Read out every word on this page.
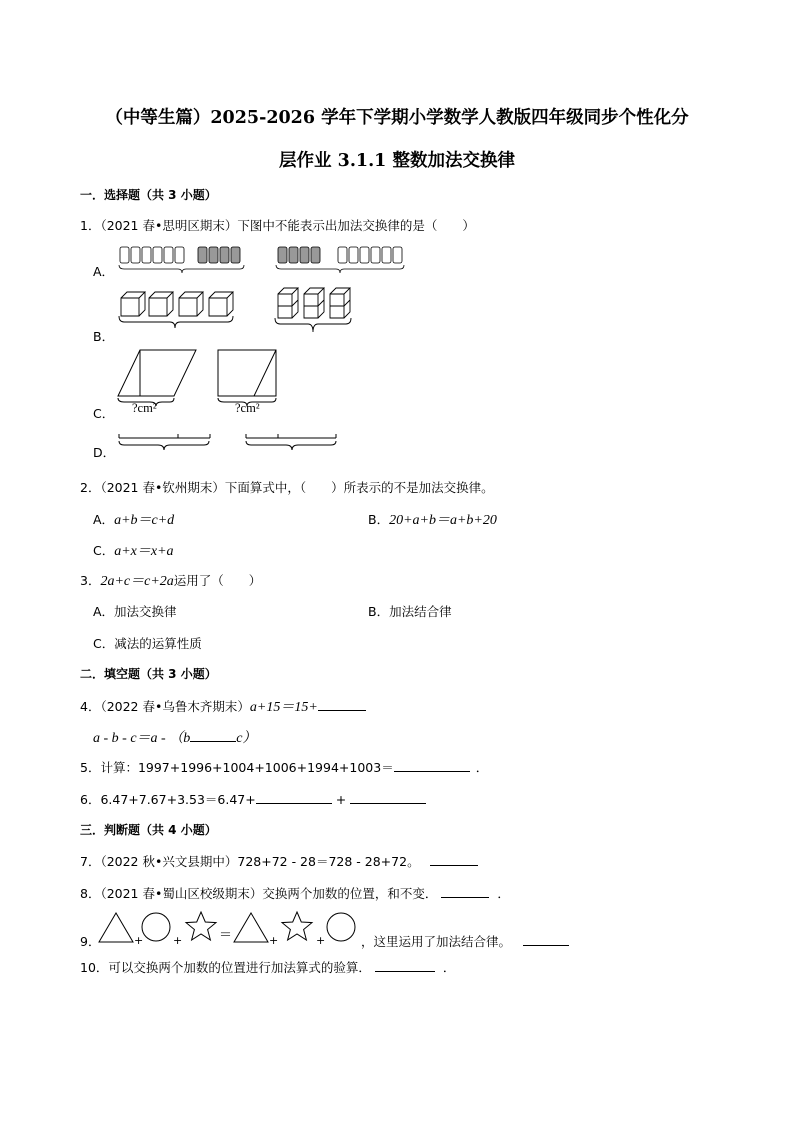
（中等生篇）2025-2026 学年下学期小学数学人教版四年级同步个性化分
层作业 3.1.1 整数加法交换律
一．选择题（共 3 小题）
1．（2021 春•思明区期末）下图中不能表示出加法交换律的是（　　）
A．
B．
C． ?cm²	?cm²
D．
2．（2021 春•钦州期末）下面算式中，（　　）所表示的不是加法交换律。
A．a+b＝c+d	B．20+a+b＝a+b+20
C．a+x＝x+a
3．2a+c＝c+2a运用了（　　）
A．加法交换律	B．加法结合律
C．减法的运算性质
二．填空题（共 3 小题）
4．（2022 春•乌鲁木齐期末）a+15＝15+
a - b - c＝a - （b	c）
5．计算：1997+1996+1004+1006+1994+1003＝	．
6．6.47+7.67+3.53＝6.47+	+
三．判断题（共 4 小题）
7．（2022 秋•兴文县期中）728+72 - 28＝728 - 28+72。
8．（2021 春•蜀山区校级期末）交换两个加数的位置，和不变．	．
9．	+	+	＝	+	+	，这里运用了加法结合律。
10．可以交换两个加数的位置进行加法算式的验算．	．
